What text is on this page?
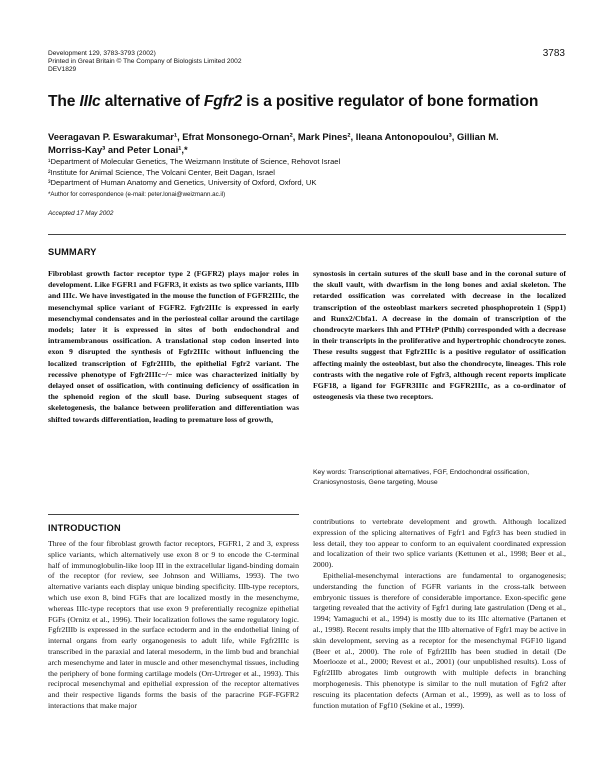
Development 129, 3783-3793 (2002)
Printed in Great Britain © The Company of Biologists Limited 2002
DEV1829
3783
The IIIc alternative of Fgfr2 is a positive regulator of bone formation
Veeragavan P. Eswarakumar¹, Efrat Monsonego-Ornan², Mark Pines², Ileana Antonopoulou³, Gillian M.
Morriss-Kay³ and Peter Lonai¹,*
¹Department of Molecular Genetics, The Weizmann Institute of Science, Rehovot Israel
²Institute for Animal Science, The Volcani Center, Beit Dagan, Israel
³Department of Human Anatomy and Genetics, University of Oxford, Oxford, UK
*Author for correspondence (e-mail: peter.lonai@weizmann.ac.il)
Accepted 17 May 2002
SUMMARY

Fibroblast growth factor receptor type 2 (FGFR2) plays major roles in development. Like FGFR1 and FGFR3, it exists as two splice variants, IIIb and IIIc. We have investigated in the mouse the function of FGFR2IIIc, the mesenchymal splice variant of FGFR2. Fgfr2IIIc is expressed in early mesenchymal condensates and in the periosteal collar around the cartilage models; later it is expressed in sites of both endochondral and intramembranous ossification. A translational stop codon inserted into exon 9 disrupted the synthesis of Fgfr2IIIc without influencing the localized transcription of Fgfr2IIIb, the epithelial Fgfr2 variant. The recessive phenotype of Fgfr2IIIc−/− mice was characterized initially by delayed onset of ossification, with continuing deficiency of ossification in the sphenoid region of the skull base. During subsequent stages of skeletogenesis, the balance between proliferation and differentiation was shifted towards differentiation, leading to premature loss of growth,

synostosis in certain sutures of the skull base and in the coronal suture of the skull vault, with dwarfism in the long bones and axial skeleton. The retarded ossification was correlated with decrease in the localized transcription of the osteoblast markers secreted phosphoprotein 1 (Spp1) and Runx2/Cbfa1. A decrease in the domain of transcription of the chondrocyte markers Ihh and PTHrP (Pthlh) corresponded with a decrease in their transcripts in the proliferative and hypertrophic chondrocyte zones. These results suggest that Fgfr2IIIc is a positive regulator of ossification affecting mainly the osteoblast, but also the chondrocyte, lineages. This role contrasts with the negative role of Fgfr3, although recent reports implicate FGF18, a ligand for FGFR3IIIc and FGFR2IIIc, as a co-ordinator of osteogenesis via these two receptors.

Key words: Transcriptional alternatives, FGF, Endochondral ossification, Craniosynostosis, Gene targeting, Mouse
INTRODUCTION

Three of the four fibroblast growth factor receptors, FGFR1, 2 and 3, express splice variants, which alternatively use exon 8 or 9 to encode the C-terminal half of immunoglobulin-like loop III in the extracellular ligand-binding domain of the receptor (for review, see Johnson and Williams, 1993). The two alternative variants each display unique binding specificity. IIIb-type receptors, which use exon 8, bind FGFs that are localized mostly in the mesenchyme, whereas IIIc-type receptors that use exon 9 preferentially recognize epithelial FGFs (Ornitz et al., 1996). Their localization follows the same regulatory logic. Fgfr2IIIb is expressed in the surface ectoderm and in the endothelial lining of internal organs from early organogenesis to adult life, while Fgfr2IIIc is transcribed in the paraxial and lateral mesoderm, in the limb bud and branchial arch mesenchyme and later in muscle and other mesenchymal tissues, including the periphery of bone forming cartilage models (Orr-Urtreger et al., 1993). This reciprocal mesenchymal and epithelial expression of the receptor alternatives and their respective ligands forms the basis of the paracrine FGF-FGFR2 interactions that make major

contributions to vertebrate development and growth. Although localized expression of the splicing alternatives of Fgfr1 and Fgfr3 has been studied in less detail, they too appear to conform to an equivalent coordinated expression and localization of their two splice variants (Kettunen et al., 1998; Beer et al., 2000).

Epithelial-mesenchymal interactions are fundamental to organogenesis; understanding the function of FGFR variants in the cross-talk between embryonic tissues is therefore of considerable importance. Exon-specific gene targeting revealed that the activity of Fgfr1 during late gastrulation (Deng et al., 1994; Yamaguchi et al., 1994) is mostly due to its IIIc alternative (Partanen et al., 1998). Recent results imply that the IIIb alternative of Fgfr1 may be active in skin development, serving as a receptor for the mesenchymal FGF10 ligand (Beer et al., 2000). The role of Fgfr2IIIb has been studied in detail (De Moerlooze et al., 2000; Revest et al., 2001) (our unpublished results). Loss of Fgfr2IIIb abrogates limb outgrowth with multiple defects in branching morphogenesis. This phenotype is similar to the null mutation of Fgfr2 after rescuing its placentation defects (Arman et al., 1999), as well as to loss of function mutation of Fgf10 (Sekine et al., 1999).
